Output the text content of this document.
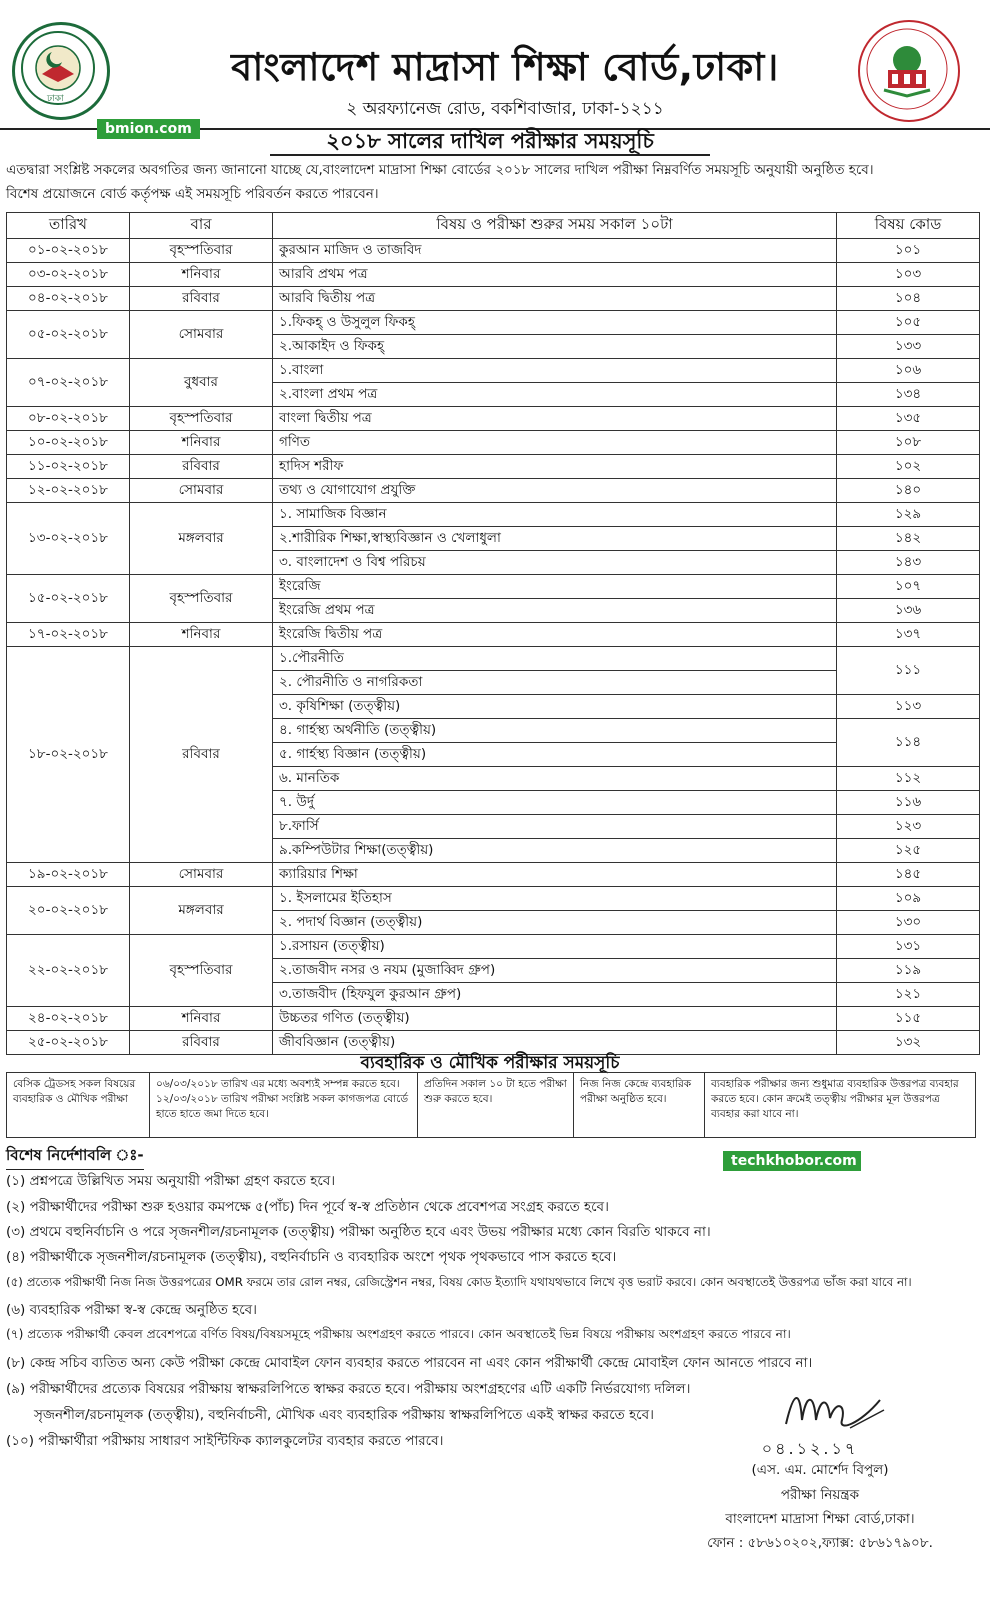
ঢাকা
বাংলাদেশ মাদ্রাসা শিক্ষা বোর্ড,ঢাকা।
২ অরফ্যানেজ রোড, বকশিবাজার, ঢাকা-১২১১
bmion.com	২০১৮ সালের দাখিল পরীক্ষার সময়সূচি
এতদ্বারা সংশ্লিষ্ট সকলের অবগতির জন্য জানানো যাচ্ছে যে,বাংলাদেশ মাদ্রাসা শিক্ষা বোর্ডের ২০১৮ সালের দাখিল পরীক্ষা নিম্নবর্ণিত সময়সূচি অনুযায়ী অনুষ্ঠিত হবে।
বিশেষ প্রয়োজনে বোর্ড কর্তৃপক্ষ এই সময়সূচি পরিবর্তন করতে পারবেন।
তারিখ	বার	বিষয় ও পরীক্ষা শুরুর সময় সকাল ১০টা	বিষয় কোড
০১-০২-২০১৮	বৃহস্পতিবার	কুরআন মাজিদ ও তাজবিদ	১০১
০৩-০২-২০১৮	শনিবার	আরবি প্রথম পত্র	১০৩
০৪-০২-২০১৮	রবিবার	আরবি দ্বিতীয় পত্র	১০৪
০৫-০২-২০১৮	সোমবার	১.ফিকহ্ ও উসুলুল ফিকহ্	১০৫
		২.আকাইদ ও ফিকহ্	১৩৩
০৭-০২-২০১৮	বুধবার	১.বাংলা	১০৬
		২.বাংলা প্রথম পত্র	১৩৪
০৮-০২-২০১৮	বৃহস্পতিবার	বাংলা দ্বিতীয় পত্র	১৩৫
১০-০২-২০১৮	শনিবার	গণিত	১০৮
১১-০২-২০১৮	রবিবার	হাদিস শরীফ	১০২
১২-০২-২০১৮	সোমবার	তথ্য ও যোগাযোগ প্রযুক্তি	১৪০
১৩-০২-২০১৮	মঙ্গলবার	১. সামাজিক বিজ্ঞান	১২৯
		২.শারীরিক শিক্ষা,স্বাস্থ্যবিজ্ঞান ও খেলাধুলা	১৪২
		৩. বাংলাদেশ ও বিশ্ব পরিচয়	১৪৩
১৫-০২-২০১৮	বৃহস্পতিবার	ইংরেজি	১০৭
		ইংরেজি প্রথম পত্র	১৩৬
১৭-০২-২০১৮	শনিবার	ইংরেজি দ্বিতীয় পত্র	১৩৭
১৮-০২-২০১৮	রবিবার	১.পৌরনীতি	১১১
		২. পৌরনীতি ও নাগরিকতা	
		৩. কৃষিশিক্ষা (তত্ত্বীয়)	১১৩
		৪. গার্হস্থ্য অর্থনীতি (তত্ত্বীয়)	১১৪
		৫. গার্হস্থ্য বিজ্ঞান (তত্ত্বীয়)	
		৬. মানতিক	১১২
		৭. উর্দু	১১৬
		৮.ফার্সি	১২৩
		৯.কম্পিউটার শিক্ষা(তত্ত্বীয়)	১২৫
১৯-০২-২০১৮	সোমবার	ক্যারিয়ার শিক্ষা	১৪৫
২০-০২-২০১৮	মঙ্গলবার	১. ইসলামের ইতিহাস	১০৯
		২. পদার্থ বিজ্ঞান (তত্ত্বীয়)	১৩০
২২-০২-২০১৮	বৃহস্পতিবার	১.রসায়ন (তত্ত্বীয়)	১৩১
		২.তাজবীদ নসর ও নযম (মুজাব্বিদ গ্রুপ)	১১৯
		৩.তাজবীদ (হিফযুল কুরআন গ্রুপ)	১২১
২৪-০২-২০১৮	শনিবার	উচ্চতর গণিত (তত্ত্বীয়)	১১৫
২৫-০২-২০১৮	রবিবার	জীববিজ্ঞান (তত্ত্বীয়)	১৩২
ব্যবহারিক ও মৌখিক পরীক্ষার সময়সূচি
বেসিক ট্রেডসহ সকল বিষয়ের ব্যবহারিক ও মৌখিক পরীক্ষা	০৬/০৩/২০১৮ তারিখ এর মধ্যে অবশ্যই সম্পন্ন করতে হবে। ১২/০৩/২০১৮ তারিখ পরীক্ষা সংশ্লিষ্ট সকল কাগজপত্র বোর্ডে হাতে হাতে জমা দিতে হবে।	প্রতিদিন সকাল ১০ টা হতে পরীক্ষা শুরু করতে হবে।	নিজ নিজ কেন্দ্রে ব্যবহারিক পরীক্ষা অনুষ্ঠিত হবে।	ব্যবহারিক পরীক্ষার জন্য শুধুমাত্র ব্যবহারিক উত্তরপত্র ব্যবহার করতে হবে। কোন ক্রমেই তত্ত্বীয় পরীক্ষার মূল উত্তরপত্র ব্যবহার করা যাবে না।
বিশেষ নির্দেশাবলি ঃ-	techkhobor.com
(১) প্রশ্নপত্রে উল্লিখিত সময় অনুযায়ী পরীক্ষা গ্রহণ করতে হবে।
(২) পরীক্ষার্থীদের পরীক্ষা শুরু হওয়ার কমপক্ষে ৫(পাঁচ) দিন পূর্বে স্ব-স্ব প্রতিষ্ঠান থেকে প্রবেশপত্র সংগ্রহ করতে হবে।
(৩) প্রথমে বহুনির্বাচনি ও পরে সৃজনশীল/রচনামূলক (তত্ত্বীয়) পরীক্ষা অনুষ্ঠিত হবে এবং উভয় পরীক্ষার মধ্যে কোন বিরতি থাকবে না।
(৪) পরীক্ষার্থীকে সৃজনশীল/রচনামূলক (তত্ত্বীয়), বহুনির্বাচনি ও ব্যবহারিক অংশে পৃথক পৃথকভাবে পাস করতে হবে।
(৫) প্রত্যেক পরীক্ষার্থী নিজ নিজ উত্তরপত্রের OMR ফরমে তার রোল নম্বর, রেজিস্ট্রেশন নম্বর, বিষয় কোড ইত্যাদি যথাযথভাবে লিখে বৃত্ত ভরাট করবে। কোন অবস্থাতেই উত্তরপত্র ভাঁজ করা যাবে না।
(৬) ব্যবহারিক পরীক্ষা স্ব-স্ব কেন্দ্রে অনুষ্ঠিত হবে।
(৭) প্রত্যেক পরীক্ষার্থী কেবল প্রবেশপত্রে বর্ণিত বিষয়/বিষয়সমূহে পরীক্ষায় অংশগ্রহণ করতে পারবে। কোন অবস্থাতেই ভিন্ন বিষয়ে পরীক্ষায় অংশগ্রহণ করতে পারবে না।
(৮) কেন্দ্র সচিব ব্যতিত অন্য কেউ পরীক্ষা কেন্দ্রে মোবাইল ফোন ব্যবহার করতে পারবেন না এবং কোন পরীক্ষার্থী কেন্দ্রে মোবাইল ফোন আনতে পারবে না।
(৯) পরীক্ষার্থীদের প্রত্যেক বিষয়ের পরীক্ষায় স্বাক্ষরলিপিতে স্বাক্ষর করতে হবে। পরীক্ষায় অংশগ্রহণের এটি একটি নির্ভরযোগ্য দলিল।
সৃজনশীল/রচনামূলক (তত্ত্বীয়), বহুনির্বাচনী, মৌখিক এবং ব্যবহারিক পরীক্ষায় স্বাক্ষরলিপিতে একই স্বাক্ষর করতে হবে।
(১০) পরীক্ষার্থীরা পরীক্ষায় সাধারণ সাইন্টিফিক ক্যালকুলেটর ব্যবহার করতে পারবে।	০৪.১২.১৭
(এস. এম. মোর্শেদ বিপুল)
পরীক্ষা নিয়ন্ত্রক
বাংলাদেশ মাদ্রাসা শিক্ষা বোর্ড,ঢাকা।
ফোন : ৫৮৬১০২০২,ফ্যাক্স: ৫৮৬১৭৯০৮.
